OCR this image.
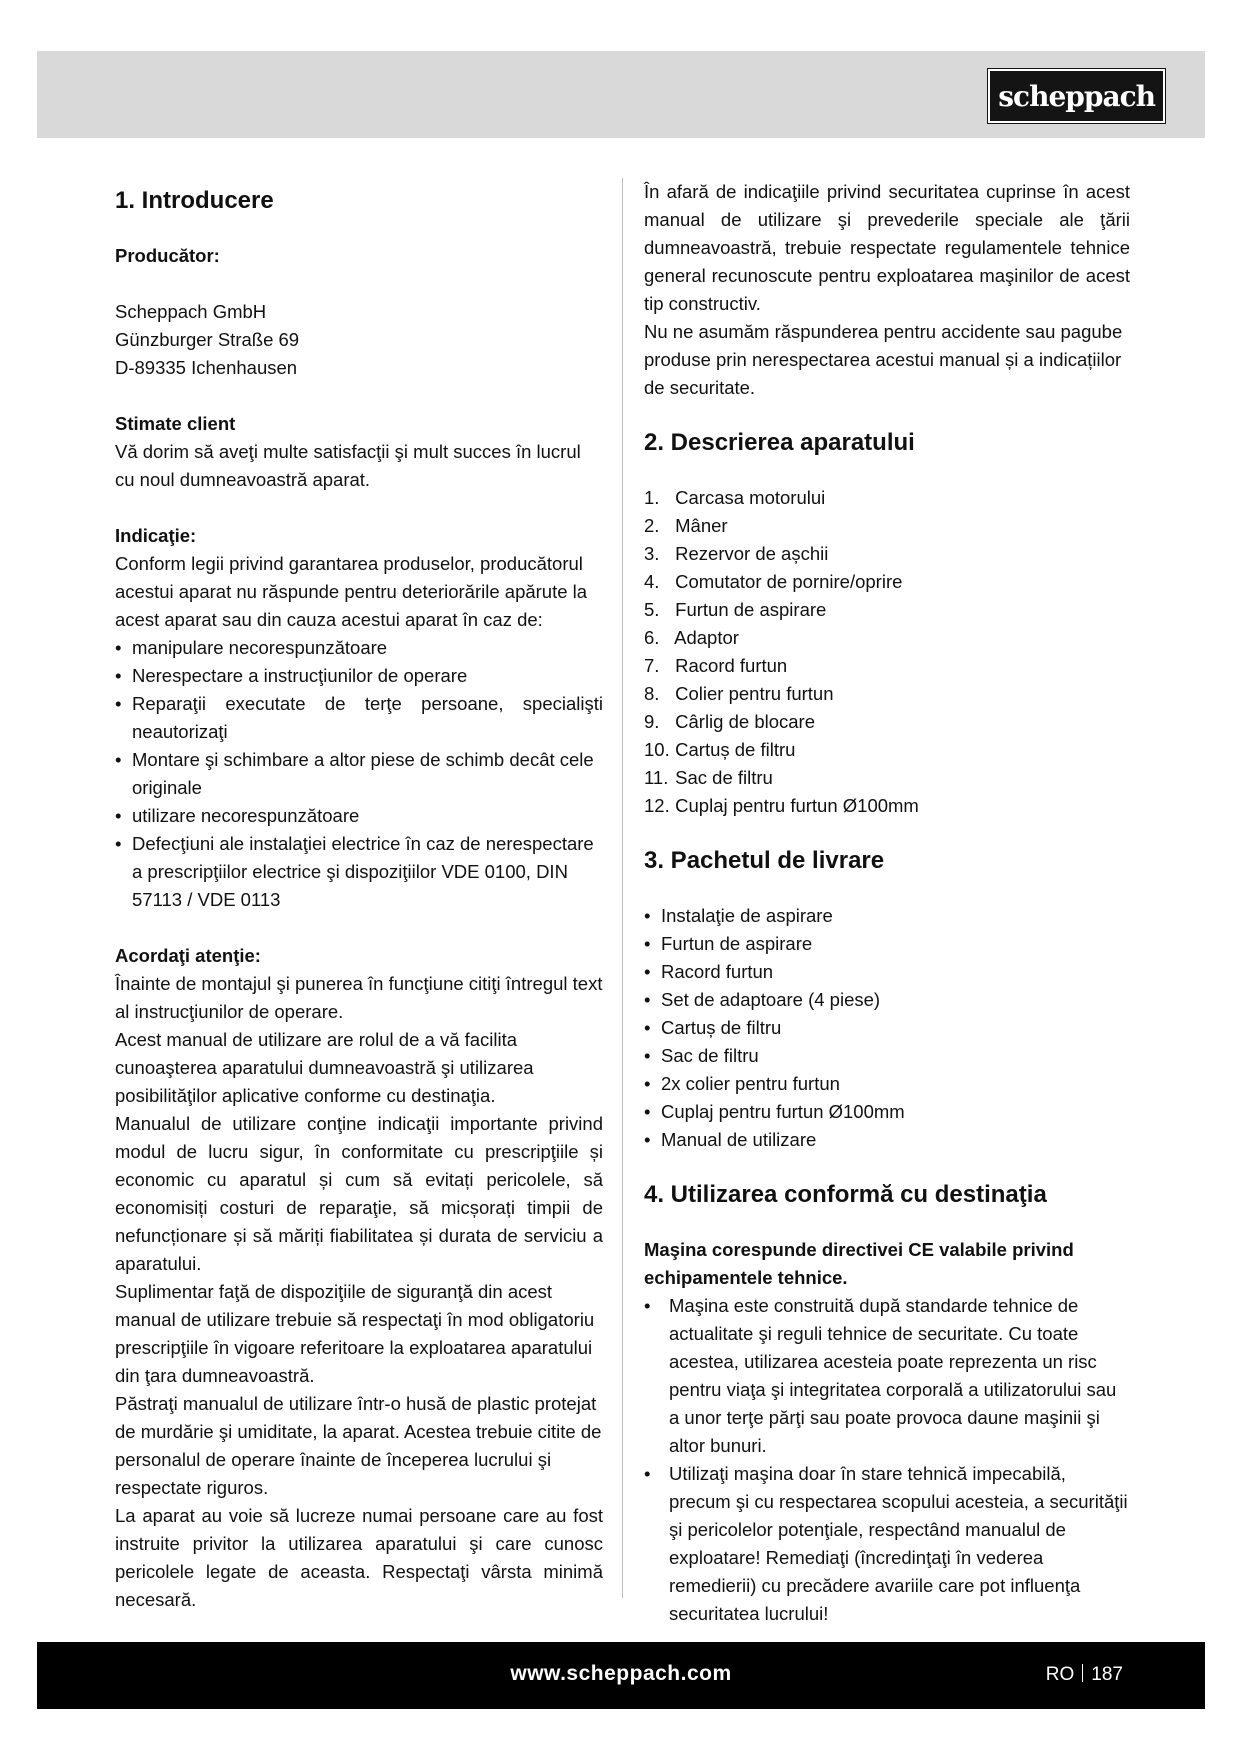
scheppach
1. Introducere

Producător:

Scheppach GmbH

Günzburger Straße 69

D-89335 Ichenhausen

Stimate client

Vă dorim să aveţi multe satisfacţii şi mult succes în lucrul cu noul dumneavoastră aparat.

Indicaţie:

Conform legii privind garantarea produselor, producătorul acestui aparat nu răspunde pentru deteriorările apărute la acest aparat sau din cauza acestui aparat în caz de:

• manipulare necorespunzătoare
• Nerespectare a instrucţiunilor de operare
• Reparaţii executate de terţe persoane, specialişti neautorizaţi
• Montare şi schimbare a altor piese de schimb decât cele originale
• utilizare necorespunzătoare
• Defecţiuni ale instalaţiei electrice în caz de nerespectare a prescripţiilor electrice şi dispoziţiilor VDE 0100, DIN 57113 / VDE 0113

Acordaţi atenţie:

Înainte de montajul şi punerea în funcţiune citiţi întregul text al instrucţiunilor de operare.

Acest manual de utilizare are rolul de a vă facilita cunoaşterea aparatului dumneavoastră şi utilizarea posibilităţilor aplicative conforme cu destinaţia.

Manualul de utilizare conţine indicaţii importante privind modul de lucru sigur, în conformitate cu prescripţiile și economic cu aparatul și cum să evitați pericolele, să economisiți costuri de reparaţie, să micșorați timpii de nefuncționare și să măriți fiabilitatea și durata de serviciu a aparatului.

Suplimentar faţă de dispoziţiile de siguranţă din acest manual de utilizare trebuie să respectaţi în mod obligatoriu prescripţiile în vigoare referitoare la exploatarea aparatului din ţara dumneavoastră.

Păstraţi manualul de utilizare într-o husă de plastic protejat de murdărie şi umiditate, la aparat. Acestea trebuie citite de personalul de operare înainte de începerea lucrului şi respectate riguros.

La aparat au voie să lucreze numai persoane care au fost instruite privitor la utilizarea aparatului şi care cunosc pericolele legate de aceasta. Respectaţi vârsta minimă necesară.

În afară de indicaţiile privind securitatea cuprinse în acest manual de utilizare şi prevederile speciale ale ţării dumneavoastră, trebuie respectate regulamentele tehnice general recunoscute pentru exploatarea maşinilor de acest tip constructiv.

Nu ne asumăm răspunderea pentru accidente sau pagube produse prin nerespectarea acestui manual și a indicațiilor de securitate.

2. Descrierea aparatului
1. Carcasa motorului
2. Mâner
3. Rezervor de așchii
4. Comutator de pornire/oprire
5. Furtun de aspirare
6. Adaptor
7. Racord furtun
8. Colier pentru furtun
9. Cârlig de blocare
10. Cartuș de filtru
11. Sac de filtru
12. Cuplaj pentru furtun Ø100mm
3. Pachetul de livrare
• Instalaţie de aspirare
• Furtun de aspirare
• Racord furtun
• Set de adaptoare (4 piese)
• Cartuș de filtru
• Sac de filtru
• 2x colier pentru furtun
• Cuplaj pentru furtun Ø100mm
• Manual de utilizare
4. Utilizarea conformă cu destinaţia

Maşina corespunde directivei CE valabile privind echipamentele tehnice.

• Maşina este construită după standarde tehnice de actualitate şi reguli tehnice de securitate. Cu toate acestea, utilizarea acesteia poate reprezenta un risc pentru viaţa şi integritatea corporală a utilizatorului sau a unor terţe părţi sau poate provoca daune maşinii şi altor bunuri.
• Utilizaţi maşina doar în stare tehnică impecabilă, precum şi cu respectarea scopului acesteia, a securităţii şi pericolelor potenţiale, respectând manualul de exploatare! Remediaţi (încredinţaţi în vederea remedierii) cu precădere avariile care pot influenţa securitatea lucrului!
www.scheppach.com	RO 187
